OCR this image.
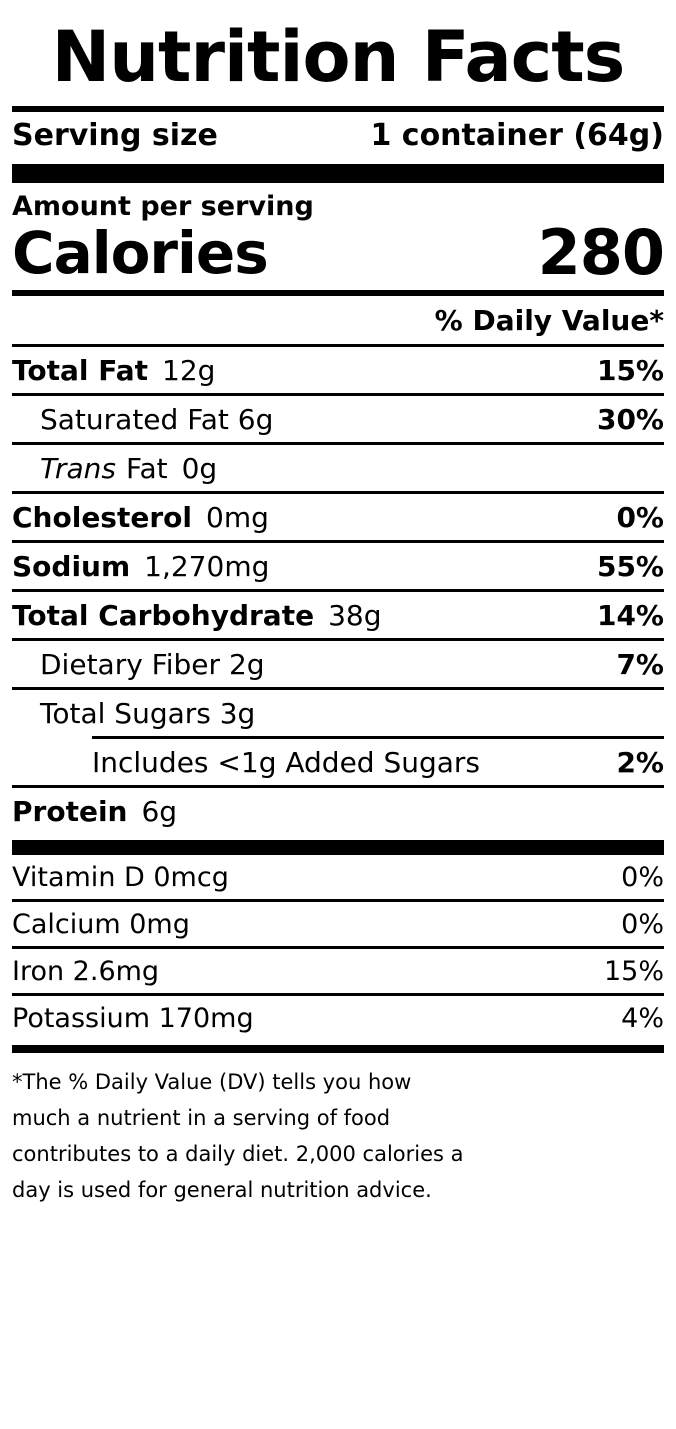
Nutrition Facts
Serving size	1 container (64g)
Amount per serving
Calories	280
% Daily Value*
Total Fat 12g	15%
Saturated Fat 6g	30%
Trans Fat 0g
Cholesterol 0mg	0%
Sodium 1,270mg	55%
Total Carbohydrate 38g	14%
Dietary Fiber 2g	7%
Total Sugars 3g
Includes <1g Added Sugars	2%
Protein 6g
Vitamin D 0mcg	0%
Calcium 0mg	0%
Iron 2.6mg	15%
Potassium 170mg	4%
*The % Daily Value (DV) tells you how
much a nutrient in a serving of food
contributes to a daily diet. 2,000 calories a
day is used for general nutrition advice.
